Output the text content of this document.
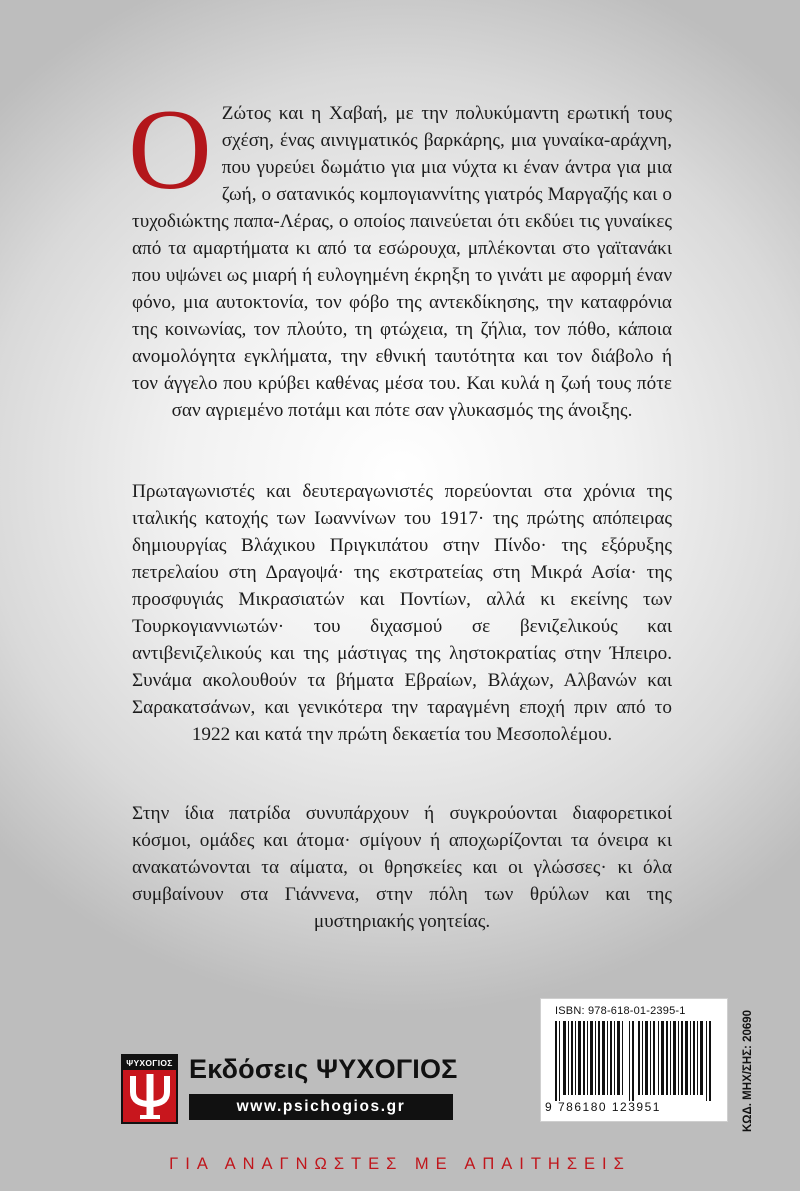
Ο Ζώτος και η Χαβαή, με την πολυκύμαντη ερωτική τους σχέση, ένας αινιγματικός βαρκάρης, μια γυναίκα-αράχνη, που γυρεύει δωμάτιο για μια νύχτα κι έναν άντρα για μια ζωή, ο σατανικός κομπογιαννίτης γιατρός Μαργαζής και ο τυχοδιώκτης παπα-Λέρας, ο οποίος παινεύεται ότι εκδύει τις γυναίκες από τα αμαρτήματα κι από τα εσώρουχα, μπλέκονται στο γαϊτανάκι που υψώνει ως μιαρή ή ευλογημένη έκρηξη το γινάτι με αφορμή έναν φόνο, μια αυτοκτονία, τον φόβο της αντεκδίκησης, την καταφρόνια της κοινωνίας, τον πλούτο, τη φτώχεια, τη ζήλια, τον πόθο, κάποια ανομολόγητα εγκλήματα, την εθνική ταυτότητα και τον διάβολο ή τον άγγελο που κρύβει καθένας μέσα του. Και κυλά η ζωή τους πότε σαν αγριεμένο ποτάμι και πότε σαν γλυκασμός της άνοιξης.

Πρωταγωνιστές και δευτεραγωνιστές πορεύονται στα χρόνια της ιταλικής κατοχής των Ιωαννίνων του 1917· της πρώτης απόπειρας δημιουργίας Βλάχικου Πριγκιπάτου στην Πίνδο· της εξόρυξης πετρελαίου στη Δραγοψά· της εκστρατείας στη Μικρά Ασία· της προσφυγιάς Μικρασιατών και Ποντίων, αλλά κι εκείνης των Τουρκογιαννιωτών· του διχασμού σε βενιζελικούς και αντιβενιζελικούς και της μάστιγας της ληστοκρατίας στην Ήπειρο. Συνάμα ακολουθούν τα βήματα Εβραίων, Βλάχων, Αλβανών και Σαρακατσάνων, και γενικότερα την ταραγμένη εποχή πριν από το 1922 και κατά την πρώτη δεκαετία του Μεσοπολέμου.

Στην ίδια πατρίδα συνυπάρχουν ή συγκρούονται διαφορετικοί κόσμοι, ομάδες και άτομα· σμίγουν ή αποχωρίζονται τα όνειρα κι ανακατώνονται τα αίματα, οι θρησκείες και οι γλώσσες· κι όλα συμβαίνουν στα Γιάννενα, στην πόλη των θρύλων και της μυστηριακής γοητείας.

ΨΥΧΟΓΙΟΣ Εκδόσεις ΨΥΧΟΓΙΟΣ
www.psichogios.gr
ISBN: 978-618-01-2395-1
9 786180 123951	ΚΩΔ. ΜΗΧ/ΣΗΣ: 20690
ΓΙΑ ΑΝΑΓΝΩΣΤΕΣ ΜΕ ΑΠΑΙΤΗΣΕΙΣ
